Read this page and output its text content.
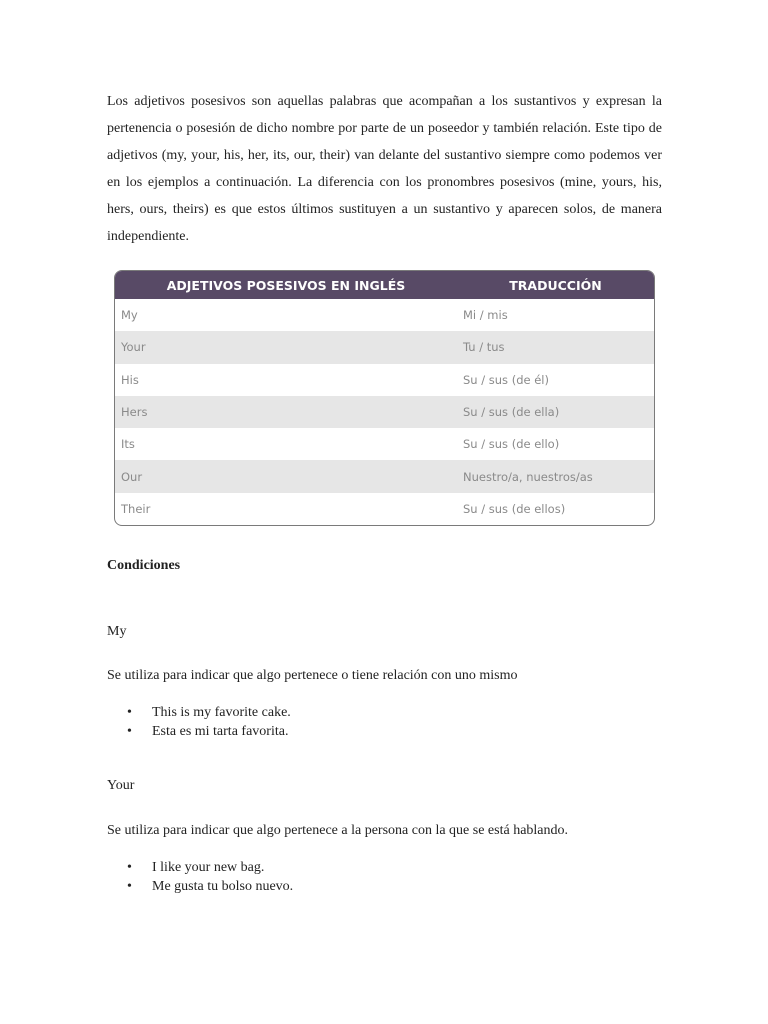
Los adjetivos posesivos son aquellas palabras que acompañan a los sustantivos y expresan la pertenencia o posesión de dicho nombre por parte de un poseedor y también relación. Este tipo de adjetivos (my, your, his, her, its, our, their) van delante del sustantivo siempre como podemos ver en los ejemplos a continuación. La diferencia con los pronombres posesivos (mine, yours, his, hers, ours, theirs) es que estos últimos sustituyen a un sustantivo y aparecen solos, de manera independiente.

ADJETIVOS POSESIVOS EN INGLÉS	TRADUCCIÓN
My	Mi / mis
Your	Tu / tus
His	Su / sus (de él)
Hers	Su / sus (de ella)
Its	Su / sus (de ello)
Our	Nuestro/a, nuestros/as
Their	Su / sus (de ellos)

Condiciones

My

Se utiliza para indicar que algo pertenece o tiene relación con uno mismo

• This is my favorite cake.
• Esta es mi tarta favorita.

Your

Se utiliza para indicar que algo pertenece a la persona con la que se está hablando.

• I like your new bag.
• Me gusta tu bolso nuevo.
